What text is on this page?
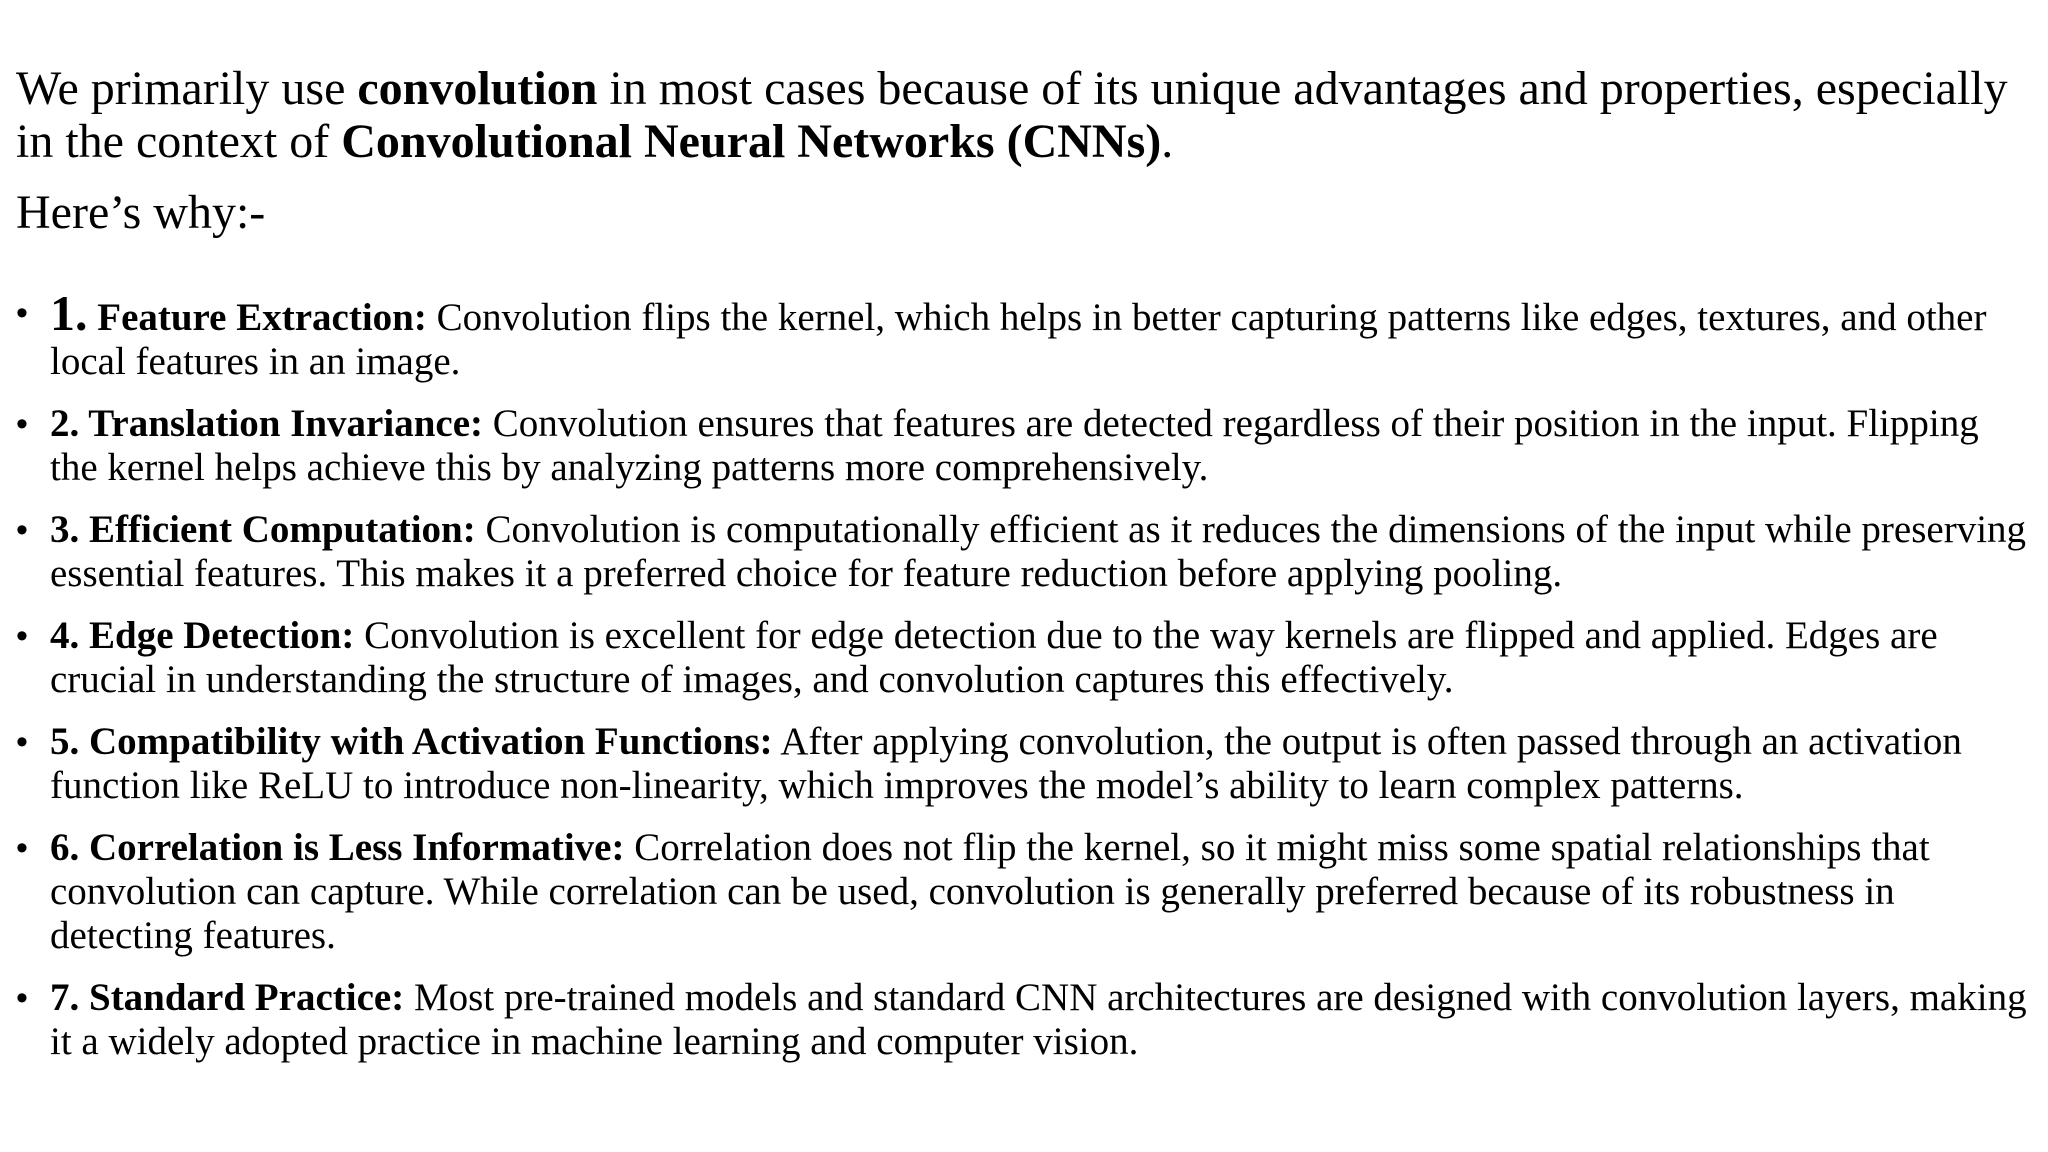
We primarily use convolution in most cases because of its unique advantages and properties, especially in the context of Convolutional Neural Networks (CNNs).

Here’s why:-

• 1. Feature Extraction: Convolution flips the kernel, which helps in better capturing patterns like edges, textures, and other local features in an image.
• 2. Translation Invariance: Convolution ensures that features are detected regardless of their position in the input. Flipping the kernel helps achieve this by analyzing patterns more comprehensively.
• 3. Efficient Computation: Convolution is computationally efficient as it reduces the dimensions of the input while preserving essential features. This makes it a preferred choice for feature reduction before applying pooling.
• 4. Edge Detection: Convolution is excellent for edge detection due to the way kernels are flipped and applied. Edges are crucial in understanding the structure of images, and convolution captures this effectively.
• 5. Compatibility with Activation Functions: After applying convolution, the output is often passed through an activation function like ReLU to introduce non-linearity, which improves the model’s ability to learn complex patterns.
• 6. Correlation is Less Informative: Correlation does not flip the kernel, so it might miss some spatial relationships that convolution can capture. While correlation can be used, convolution is generally preferred because of its robustness in detecting features.
• 7. Standard Practice: Most pre-trained models and standard CNN architectures are designed with convolution layers, making it a widely adopted practice in machine learning and computer vision.
